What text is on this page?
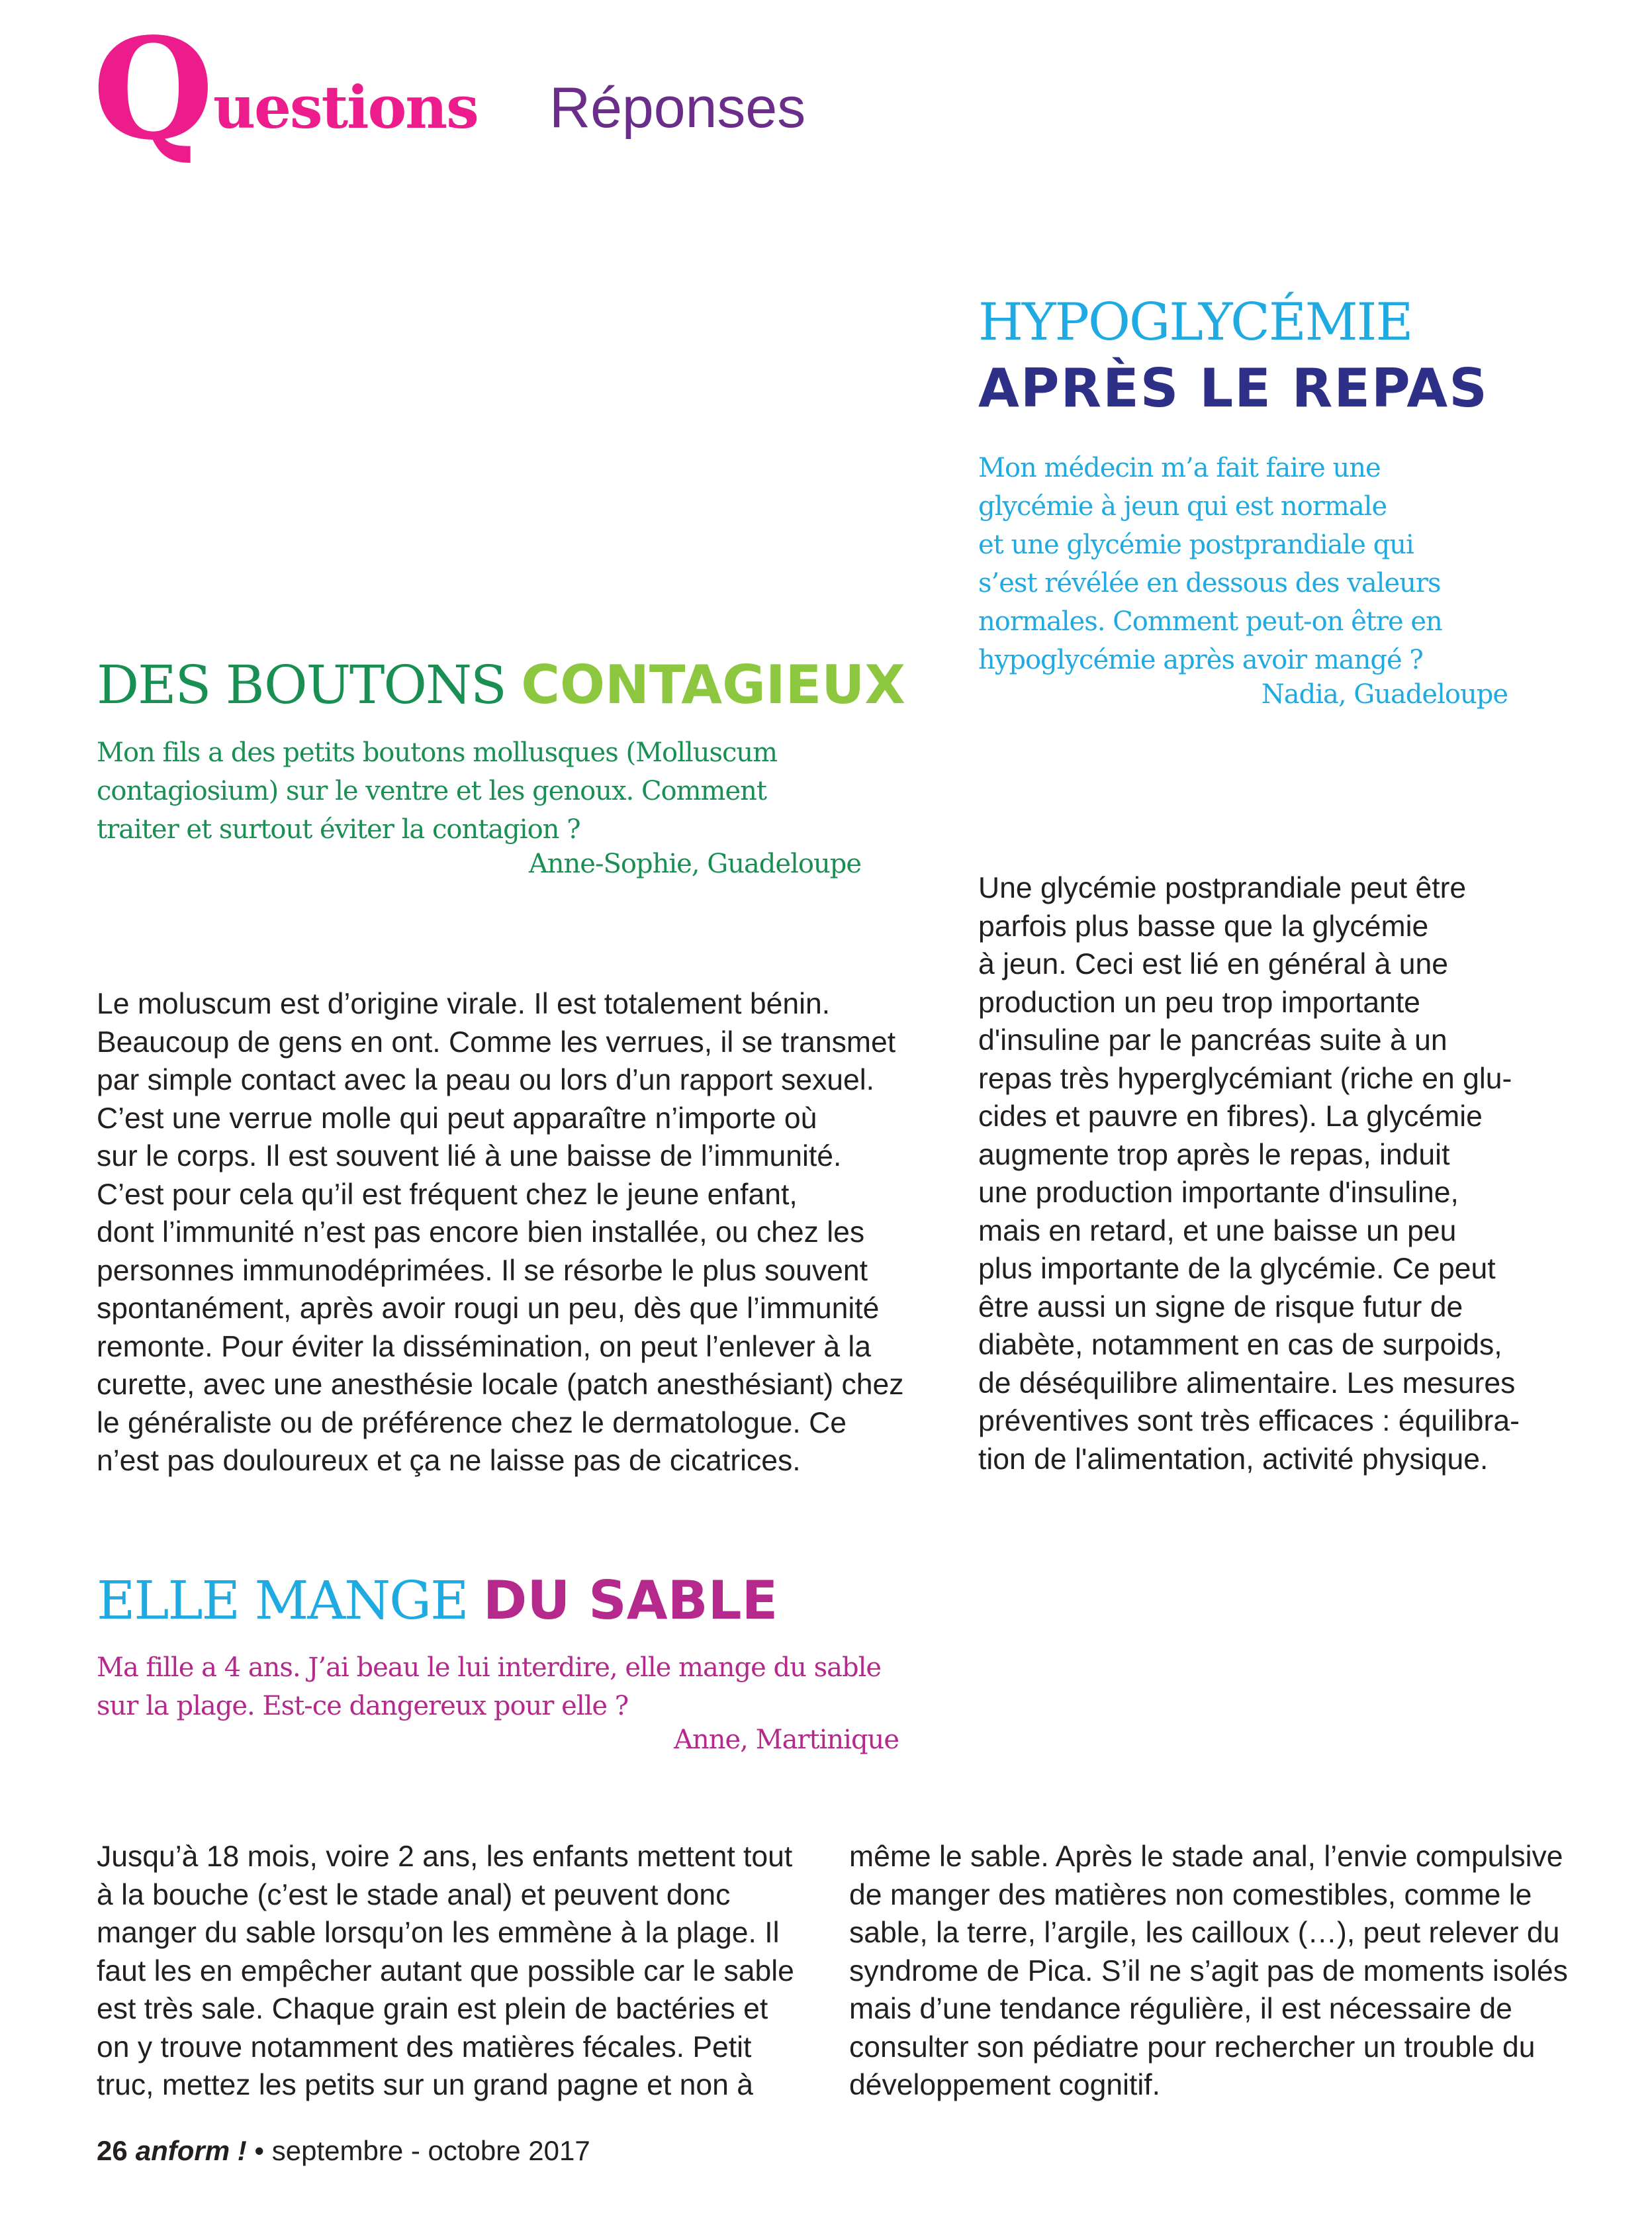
Q uestions Réponses
HYPOGLYCÉMIE
APRÈS LE REPAS
Mon médecin m’a fait faire une
glycémie à jeun qui est normale
et une glycémie postprandiale qui
s’est révélée en dessous des valeurs
normales. Comment peut-on être en
hypoglycémie après avoir mangé ?
Nadia, Guadeloupe
Une glycémie postprandiale peut être
parfois plus basse que la glycémie
à jeun. Ceci est lié en général à une
production un peu trop importante
d'insuline par le pancréas suite à un
repas très hyperglycémiant (riche en glu-
cides et pauvre en fibres). La glycémie
augmente trop après le repas, induit
une production importante d'insuline,
mais en retard, et une baisse un peu
plus importante de la glycémie. Ce peut
être aussi un signe de risque futur de
diabète, notamment en cas de surpoids,
de déséquilibre alimentaire. Les mesures
préventives sont très efficaces : équilibra-
tion de l'alimentation, activité physique.
DES BOUTONS CONTAGIEUX
Mon fils a des petits boutons mollusques (Molluscum
contagiosium) sur le ventre et les genoux. Comment
traiter et surtout éviter la contagion ?
Anne-Sophie, Guadeloupe
Le moluscum est d’origine virale. Il est totalement bénin.
Beaucoup de gens en ont. Comme les verrues, il se transmet
par simple contact avec la peau ou lors d’un rapport sexuel.
C’est une verrue molle qui peut apparaître n’importe où
sur le corps. Il est souvent lié à une baisse de l’immunité.
C’est pour cela qu’il est fréquent chez le jeune enfant,
dont l’immunité n’est pas encore bien installée, ou chez les
personnes immunodéprimées. Il se résorbe le plus souvent
spontanément, après avoir rougi un peu, dès que l’immunité
remonte. Pour éviter la dissémination, on peut l’enlever à la
curette, avec une anesthésie locale (patch anesthésiant) chez
le généraliste ou de préférence chez le dermatologue. Ce
n’est pas douloureux et ça ne laisse pas de cicatrices.
ELLE MANGE DU SABLE
Ma fille a 4 ans. J’ai beau le lui interdire, elle mange du sable
sur la plage. Est-ce dangereux pour elle ?
Anne, Martinique
Jusqu’à 18 mois, voire 2 ans, les enfants mettent tout
à la bouche (c’est le stade anal) et peuvent donc
manger du sable lorsqu’on les emmène à la plage. Il
faut les en empêcher autant que possible car le sable
est très sale. Chaque grain est plein de bactéries et
on y trouve notamment des matières fécales. Petit
truc, mettez les petits sur un grand pagne et non à
même le sable. Après le stade anal, l’envie compulsive
de manger des matières non comestibles, comme le
sable, la terre, l’argile, les cailloux (…), peut relever du
syndrome de Pica. S’il ne s’agit pas de moments isolés
mais d’une tendance régulière, il est nécessaire de
consulter son pédiatre pour rechercher un trouble du
développement cognitif.
26 anform ! • septembre - octobre 2017
